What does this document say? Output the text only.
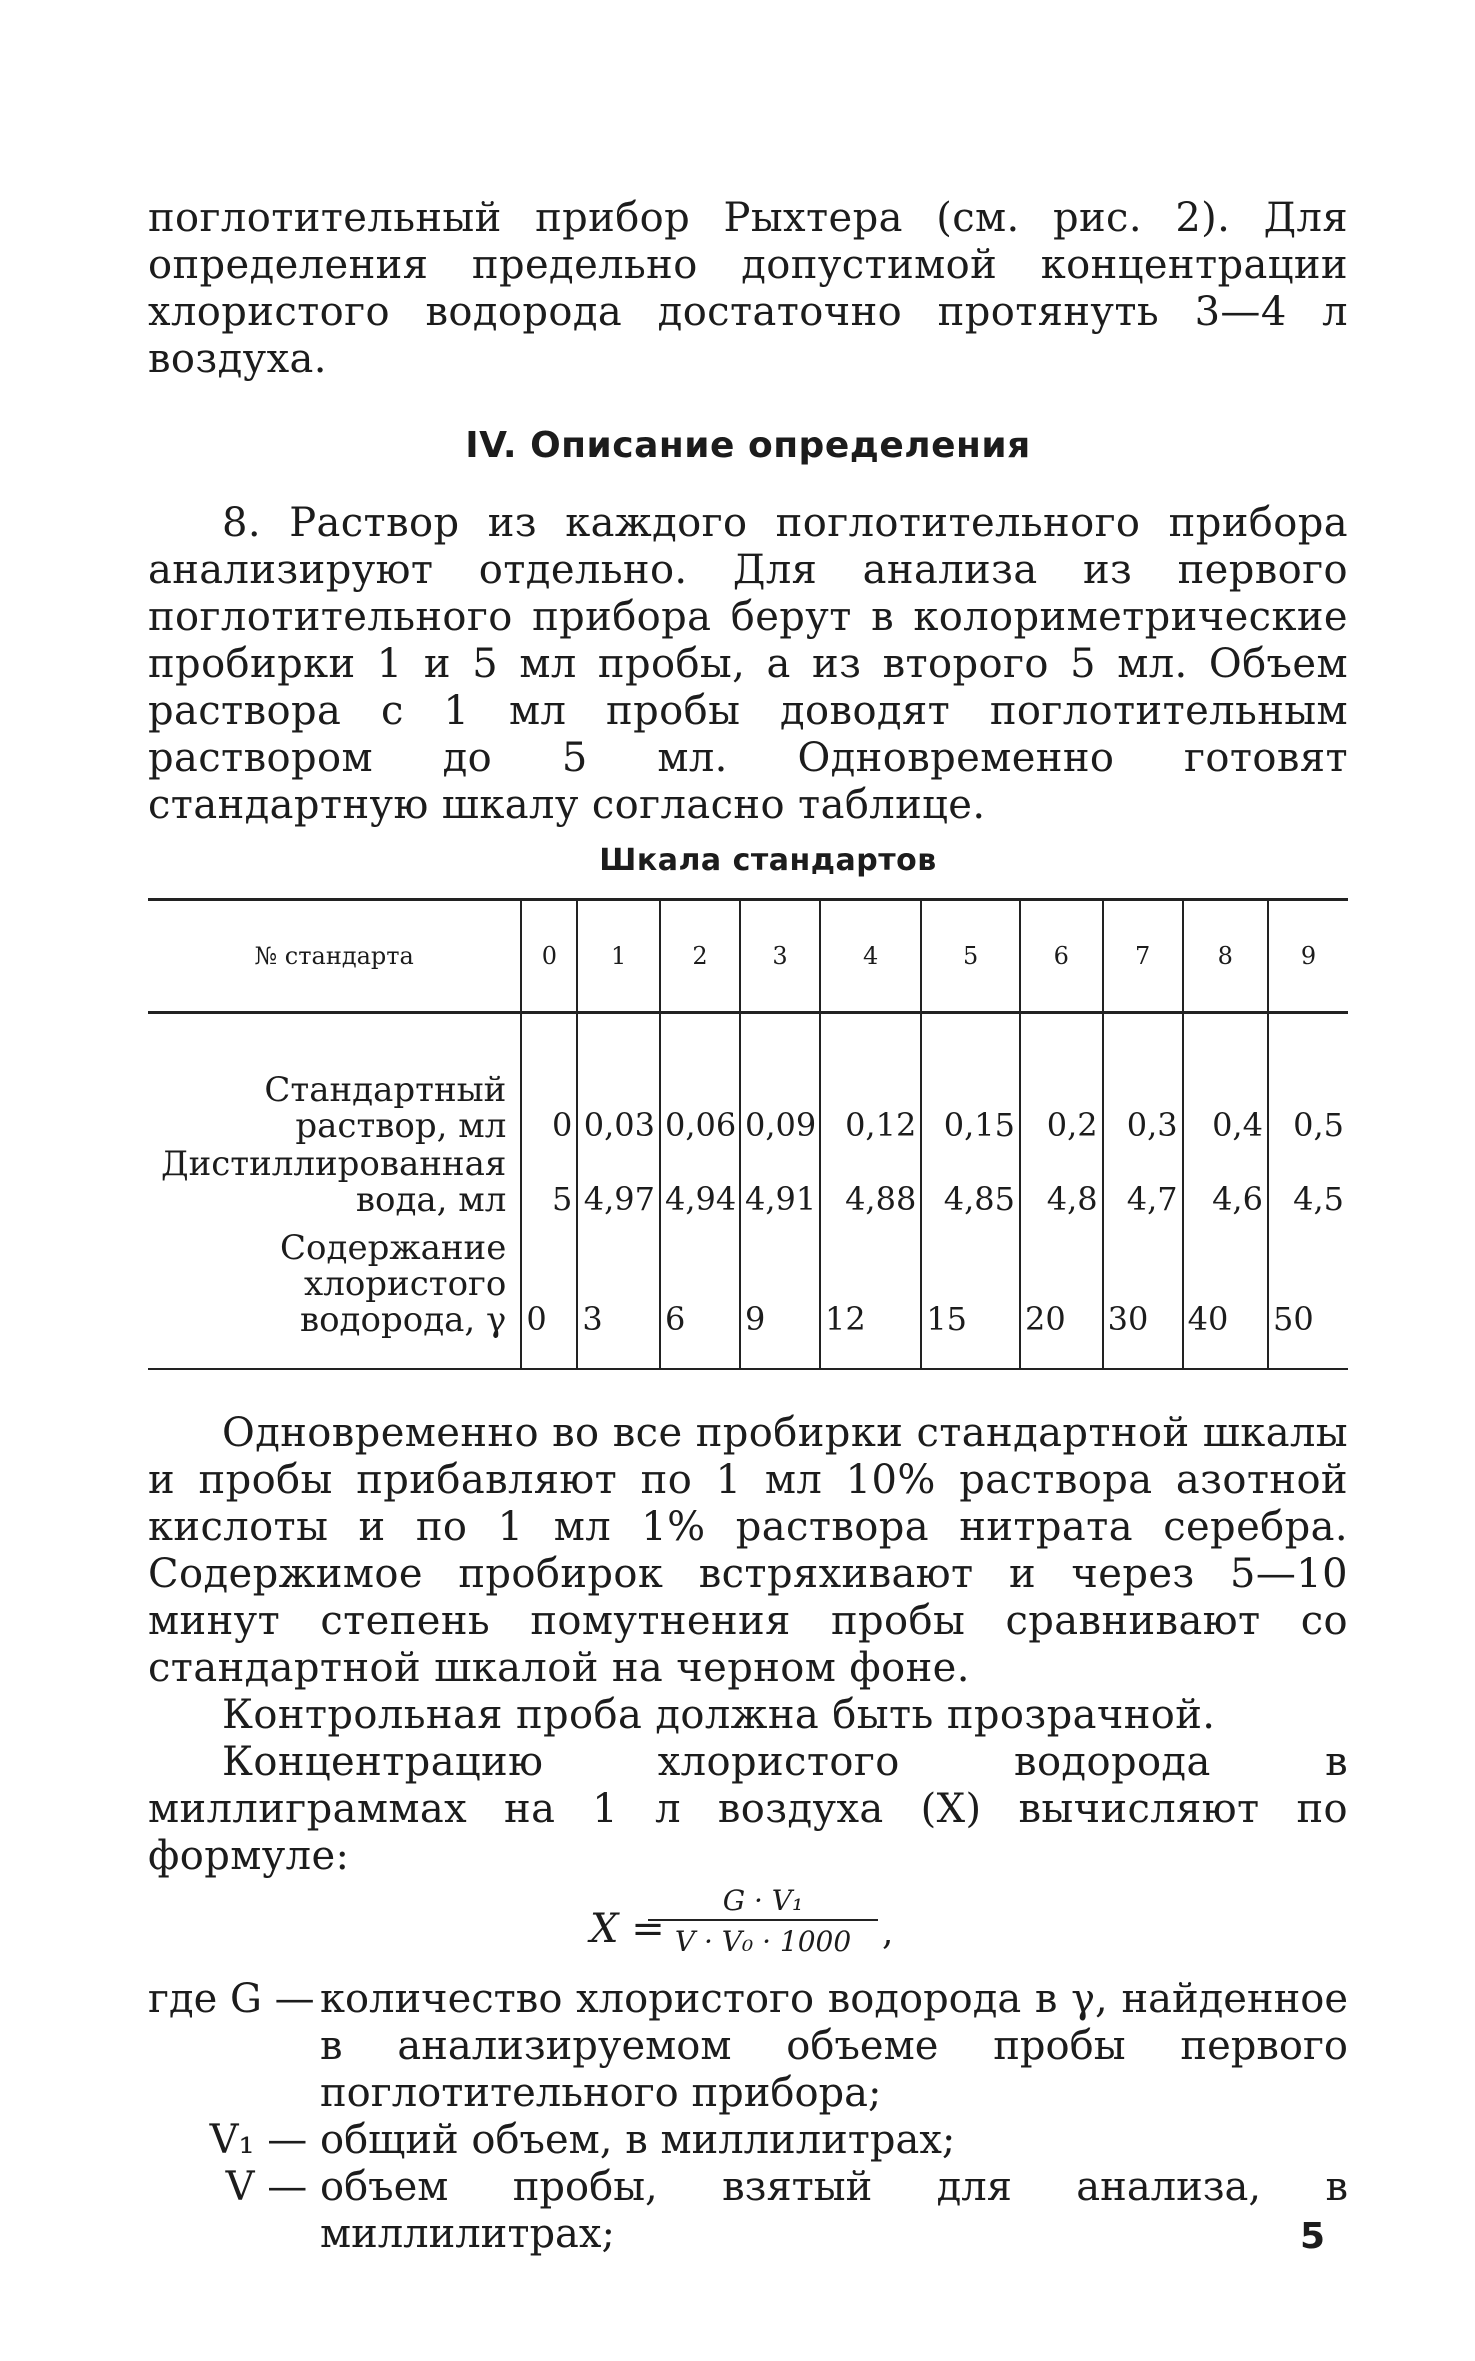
поглотительный прибор Рыхтера (см. рис. 2). Для определения предельно допустимой концентрации хлористого водорода достаточно протянуть 3—4 л воздуха.

IV. Описание определения

8. Раствор из каждого поглотительного прибора анализируют отдельно. Для анализа из первого поглотительного прибора берут в колориметрические пробирки 1 и 5 мл пробы, а из второго 5 мл. Объем раствора с 1 мл пробы доводят поглотительным раствором до 5 мл. Одновременно готовят стандартную шкалу согласно таблице.

Шкала стандартов

№ стандарта	0	1	2	3	4	5	6	7	8	9
Стандартный раствор, мл	0	0,03	0,06	0,09	0,12	0,15	0,2	0,3	0,4	0,5
Дистиллированная вода, мл	5	4,97	4,94	4,91	4,88	4,85	4,8	4,7	4,6	4,5
Содержание хлористого водорода, γ	0	3	6	9	12	15	20	30	40	50

Одновременно во все пробирки стандартной шкалы и пробы прибавляют по 1 мл 10% раствора азотной кислоты и по 1 мл 1% раствора нитрата серебра. Содержимое пробирок встряхивают и через 5—10 минут степень помутнения пробы сравнивают со стандартной шкалой на черном фоне.

Контрольная проба должна быть прозрачной.

Концентрацию хлористого водорода в миллиграммах на 1 л воздуха (X) вычисляют по формуле:

X =
$\frac{\text{G · V₁}}{\text{V · V₀ · 1000}}$ ,
где G —
количество хлористого водорода в γ, найденное в анализируемом объеме пробы первого поглотительного прибора;
V₁ — общий объем, в миллилитрах;
V — объем пробы, взятый для анализа, в миллилитрах;	5
